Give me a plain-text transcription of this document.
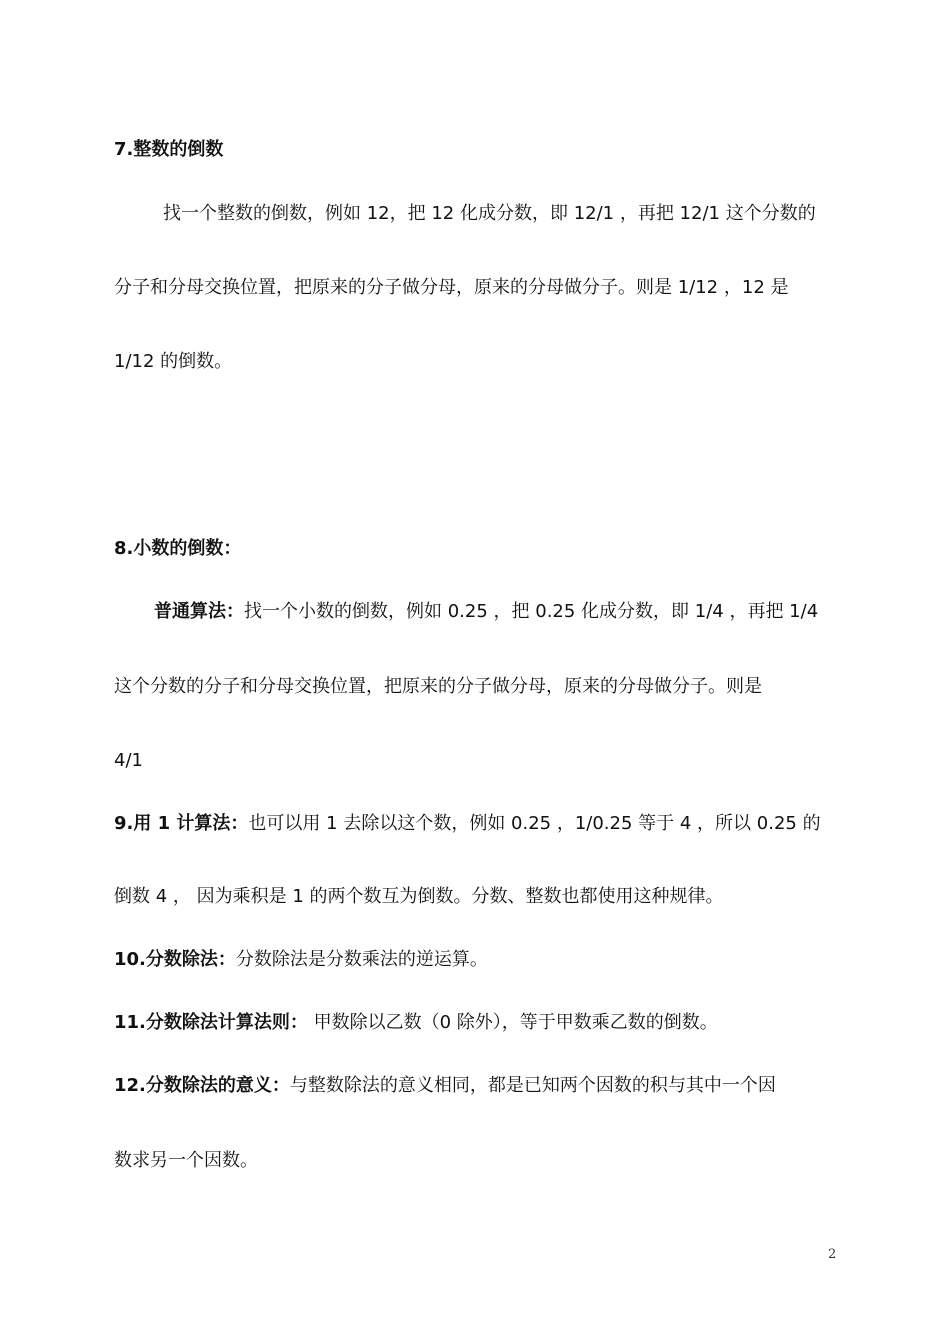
7.整数的倒数

找一个整数的倒数，例如 12，把 12 化成分数，即 12/1 ，再把 12/1 这个分数的

分子和分母交换位置，把原来的分子做分母，原来的分母做分子。则是 1/12 ，12 是

1/12 的倒数。

8.小数的倒数：

普通算法：找一个小数的倒数，例如 0.25 ，把 0.25 化成分数，即 1/4 ，再把 1/4

这个分数的分子和分母交换位置，把原来的分子做分母，原来的分母做分子。则是

4/1

9.用 1 计算法：也可以用 1 去除以这个数，例如 0.25 ，1/0.25 等于 4 ，所以 0.25 的

倒数 4 ， 因为乘积是 1 的两个数互为倒数。分数、整数也都使用这种规律。

10.分数除法：分数除法是分数乘法的逆运算。

11.分数除法计算法则： 甲数除以乙数（0 除外），等于甲数乘乙数的倒数。

12.分数除法的意义：与整数除法的意义相同，都是已知两个因数的积与其中一个因

数求另一个因数。

2
